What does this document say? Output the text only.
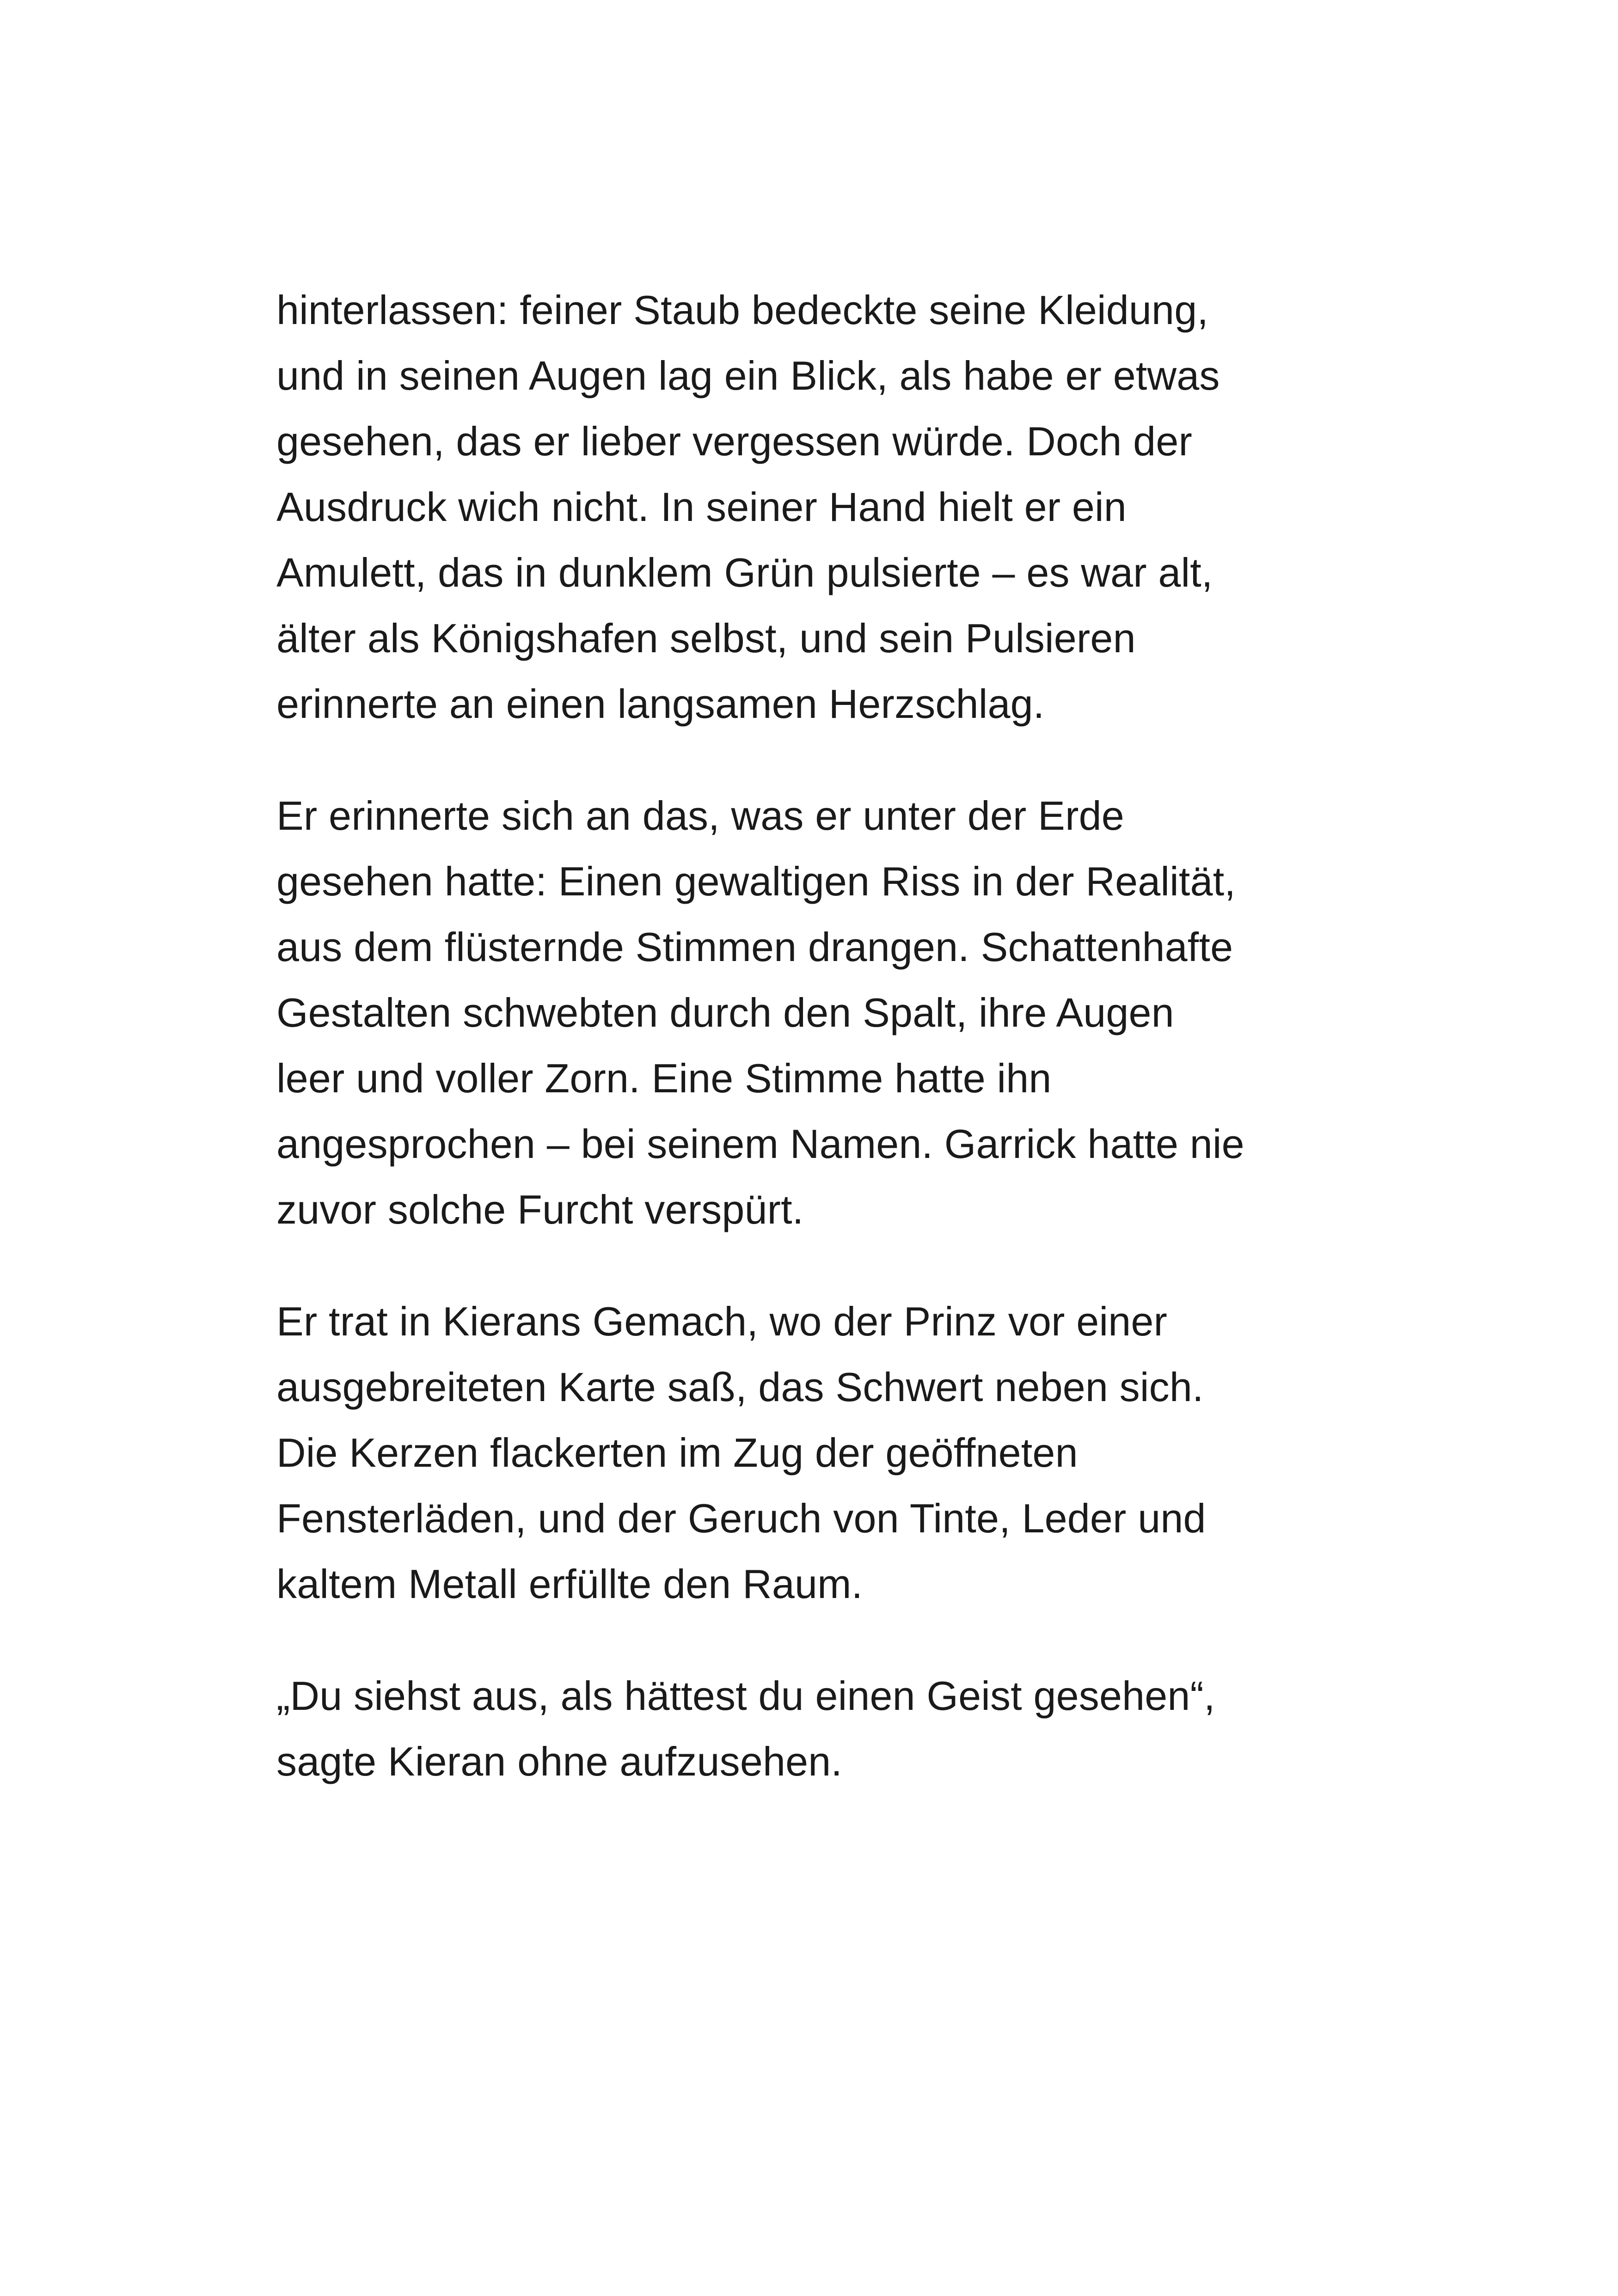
hinterlassen: feiner Staub bedeckte seine Kleidung,
und in seinen Augen lag ein Blick, als habe er etwas
gesehen, das er lieber vergessen würde. Doch der
Ausdruck wich nicht. In seiner Hand hielt er ein
Amulett, das in dunklem Grün pulsierte – es war alt,
älter als Königshafen selbst, und sein Pulsieren
erinnerte an einen langsamen Herzschlag.

Er erinnerte sich an das, was er unter der Erde
gesehen hatte: Einen gewaltigen Riss in der Realität,
aus dem flüsternde Stimmen drangen. Schattenhafte
Gestalten schwebten durch den Spalt, ihre Augen
leer und voller Zorn. Eine Stimme hatte ihn
angesprochen – bei seinem Namen. Garrick hatte nie
zuvor solche Furcht verspürt.

Er trat in Kierans Gemach, wo der Prinz vor einer
ausgebreiteten Karte saß, das Schwert neben sich.
Die Kerzen flackerten im Zug der geöffneten
Fensterläden, und der Geruch von Tinte, Leder und
kaltem Metall erfüllte den Raum.

„Du siehst aus, als hättest du einen Geist gesehen“,
sagte Kieran ohne aufzusehen.
